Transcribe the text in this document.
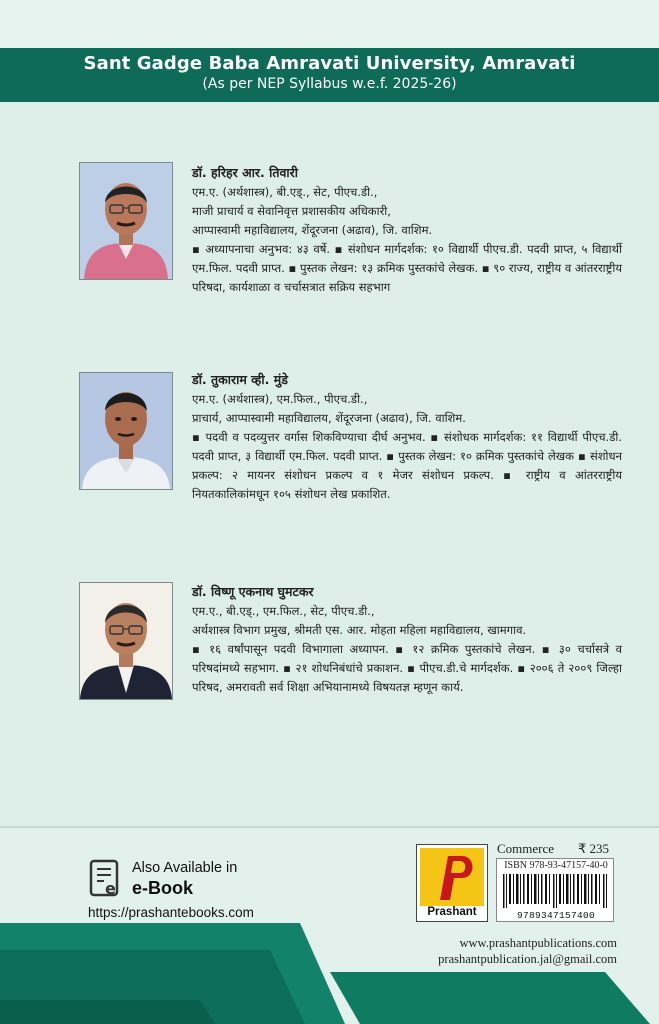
Sant Gadge Baba Amravati University, Amravati
(As per NEP Syllabus w.e.f. 2025-26)
डॉ. हरिहर आर. तिवारी
एम.ए. (अर्थशास्त्र), बी.एड्., सेट, पीएच.डी.,
माजी प्राचार्य व सेवानिवृत्त प्रशासकीय अधिकारी,
आप्पास्वामी महाविद्यालय, शेंदूरजना (अढाव), जि. वाशिम.
▪ अध्यापनाचा अनुभव: ४३ वर्षे. ▪ संशोधन मार्गदर्शक: १० विद्यार्थी पीएच.डी. पदवी प्राप्त, ५ विद्यार्थी एम.फिल. पदवी प्राप्त. ▪ पुस्तक लेखन: १३ क्रमिक पुस्तकांचे लेखक. ▪ ९० राज्य, राष्ट्रीय व आंतरराष्ट्रीय परिषदा, कार्यशाळा व चर्चासत्रात सक्रिय सहभाग
डॉ. तुकाराम व्ही. मुंडे
एम.ए. (अर्थशास्त्र), एम.फिल., पीएच.डी.,
प्राचार्य, आप्पास्वामी महाविद्यालय, शेंदूरजना (अढाव), जि. वाशिम.
▪ पदवी व पदव्युत्तर वर्गास शिकविण्याचा दीर्घ अनुभव. ▪ संशोधक मार्गदर्शक: ११ विद्यार्थी पीएच.डी. पदवी प्राप्त, ३ विद्यार्थी एम.फिल. पदवी प्राप्त. ▪ पुस्तक लेखन: १० क्रमिक पुस्तकांचे लेखक ▪ संशोधन प्रकल्प: २ मायनर संशोधन प्रकल्प व १ मेजर संशोधन प्रकल्प. ▪ राष्ट्रीय व आंतरराष्ट्रीय नियतकालिकांमधून १०५ संशोधन लेख प्रकाशित.
डॉ. विष्णू एकनाथ घुमटकर
एम.ए., बी.एड्., एम.फिल., सेट, पीएच.डी.,
अर्थशास्त्र विभाग प्रमुख, श्रीमती एस. आर. मोहता महिला महाविद्यालय, खामगाव.
▪ १६ वर्षांपासून पदवी विभागाला अध्यापन. ▪ १२ क्रमिक पुस्तकांचे लेखन. ▪ ३० चर्चासत्रे व परिषदांमध्ये सहभाग. ▪ २१ शोधनिबंधांचे प्रकाशन. ▪ पीएच.डी.चे मार्गदर्शक. ▪ २००६ ते २००९ जिल्हा परिषद, अमरावती सर्व शिक्षा अभियानामध्ये विषयतज्ञ म्हणून कार्य.
e
Also Available in
e-Book
https://prashantebooks.com	Prashant
Commerce ₹ 235
ISBN 978-93-47157-40-0
9789347157400
www.prashantpublications.com
prashantpublication.jal@gmail.com
